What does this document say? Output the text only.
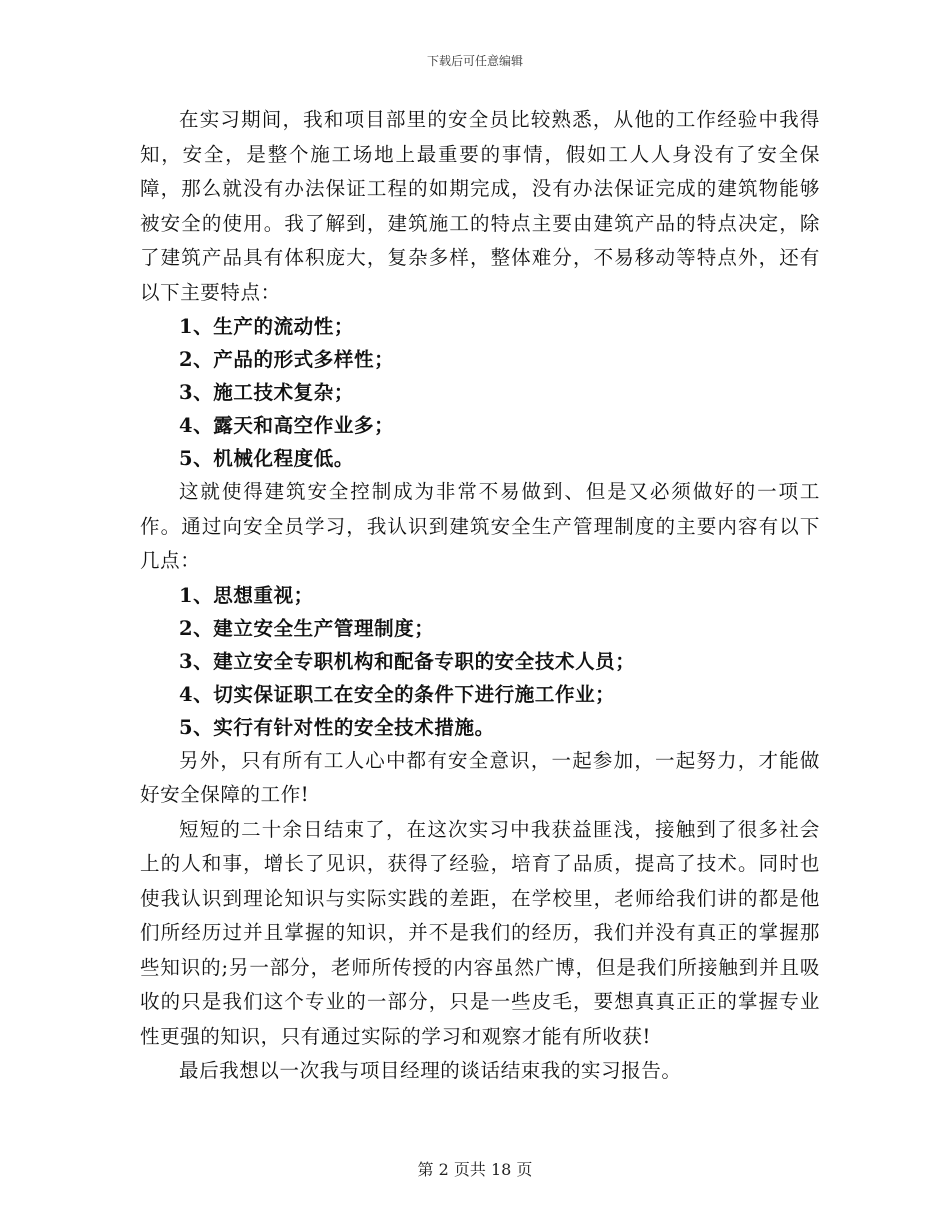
下载后可任意编辑

在实习期间，我和项目部里的安全员比较熟悉，从他的工作经验中我得知，安全，是整个施工场地上最重要的事情，假如工人人身没有了安全保障，那么就没有办法保证工程的如期完成，没有办法保证完成的建筑物能够被安全的使用。我了解到，建筑施工的特点主要由建筑产品的特点决定，除了建筑产品具有体积庞大，复杂多样，整体难分，不易移动等特点外，还有以下主要特点：

1、生产的流动性；

2、产品的形式多样性；

3、施工技术复杂；

4、露天和高空作业多；

5、机械化程度低。

这就使得建筑安全控制成为非常不易做到、但是又必须做好的一项工作。通过向安全员学习，我认识到建筑安全生产管理制度的主要内容有以下几点：

1、思想重视；

2、建立安全生产管理制度；

3、建立安全专职机构和配备专职的安全技术人员；

4、切实保证职工在安全的条件下进行施工作业；

5、实行有针对性的安全技术措施。

另外，只有所有工人心中都有安全意识，一起参加，一起努力，才能做好安全保障的工作!

短短的二十余日结束了，在这次实习中我获益匪浅，接触到了很多社会上的人和事，增长了见识，获得了经验，培育了品质，提高了技术。同时也使我认识到理论知识与实际实践的差距，在学校里，老师给我们讲的都是他们所经历过并且掌握的知识，并不是我们的经历，我们并没有真正的掌握那些知识的;另一部分，老师所传授的内容虽然广博，但是我们所接触到并且吸收的只是我们这个专业的一部分，只是一些皮毛，要想真真正正的掌握专业性更强的知识，只有通过实际的学习和观察才能有所收获!

最后我想以一次我与项目经理的谈话结束我的实习报告。

第 2 页共 18 页
